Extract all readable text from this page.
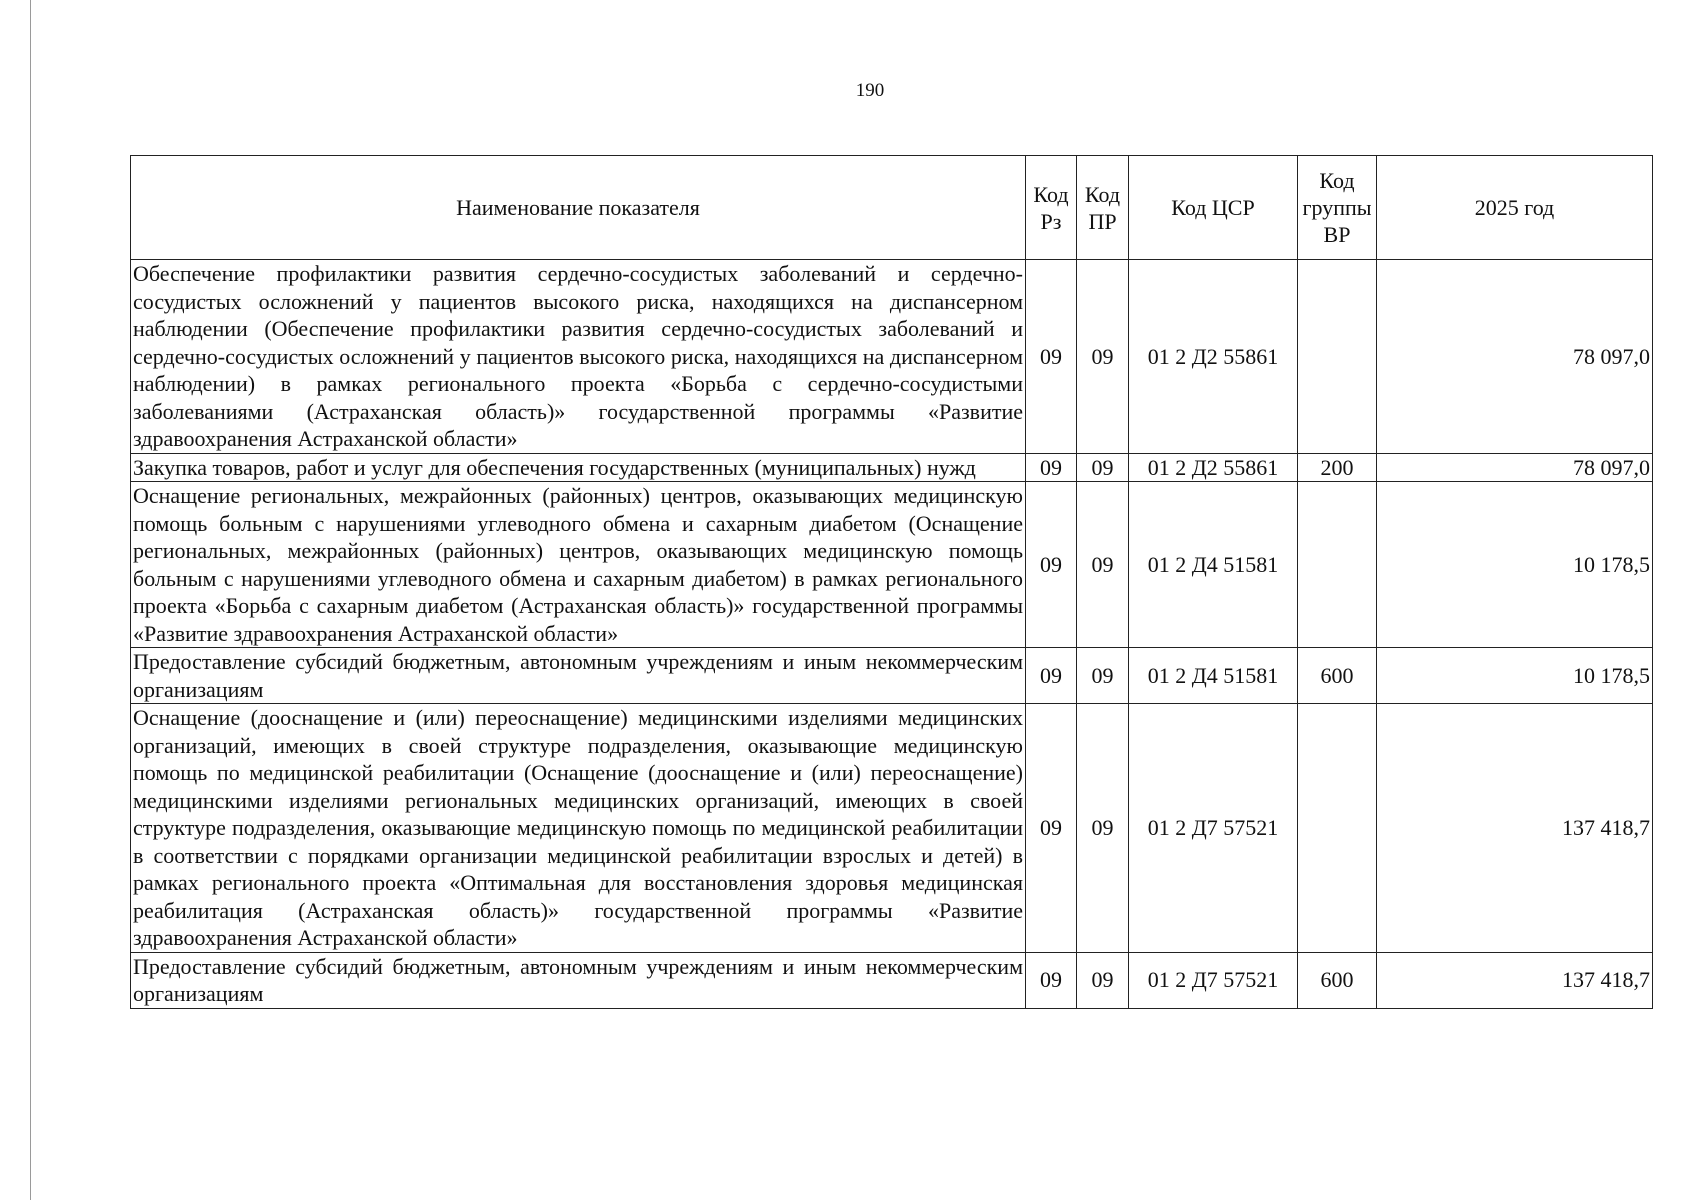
190
Наименование показателя	Код Рз	Код ПР	Код ЦСР	Код группы ВР	2025 год
Обеспечение профилактики развития сердечно-сосудистых заболеваний и сердечно-сосудистых осложнений у пациентов высокого риска, находящихся на диспансерном наблюдении (Обеспечение профилактики развития сердечно-сосудистых заболеваний и сердечно-сосудистых осложнений у пациентов высокого риска, находящихся на диспансерном наблюдении) в рамках регионального проекта «Борьба с сердечно-сосудистыми заболеваниями (Астраханская область)» государственной программы «Развитие здравоохранения Астраханской области»	09	09	01 2 Д2 55861		78 097,0
Закупка товаров, работ и услуг для обеспечения государственных (муниципальных) нужд	09	09	01 2 Д2 55861	200	78 097,0
Оснащение региональных, межрайонных (районных) центров, оказывающих медицинскую помощь больным с нарушениями углеводного обмена и сахарным диабетом (Оснащение региональных, межрайонных (районных) центров, оказывающих медицинскую помощь больным с нарушениями углеводного обмена и сахарным диабетом) в рамках регионального проекта «Борьба с сахарным диабетом (Астраханская область)» государственной программы «Развитие здравоохранения Астраханской области»	09	09	01 2 Д4 51581		10 178,5
Предоставление субсидий бюджетным, автономным учреждениям и иным некоммерческим организациям	09	09	01 2 Д4 51581	600	10 178,5
Оснащение (дооснащение и (или) переоснащение) медицинскими изделиями медицинских организаций, имеющих в своей структуре подразделения, оказывающие медицинскую помощь по медицинской реабилитации (Оснащение (дооснащение и (или) переоснащение) медицинскими изделиями региональных медицинских организаций, имеющих в своей структуре подразделения, оказывающие медицинскую помощь по медицинской реабилитации в соответствии с порядками организации медицинской реабилитации взрослых и детей) в рамках регионального проекта «Оптимальная для восстановления здоровья медицинская реабилитация (Астраханская область)» государственной программы «Развитие здравоохранения Астраханской области»	09	09	01 2 Д7 57521		137 418,7
Предоставление субсидий бюджетным, автономным учреждениям и иным некоммерческим организациям	09	09	01 2 Д7 57521	600	137 418,7
